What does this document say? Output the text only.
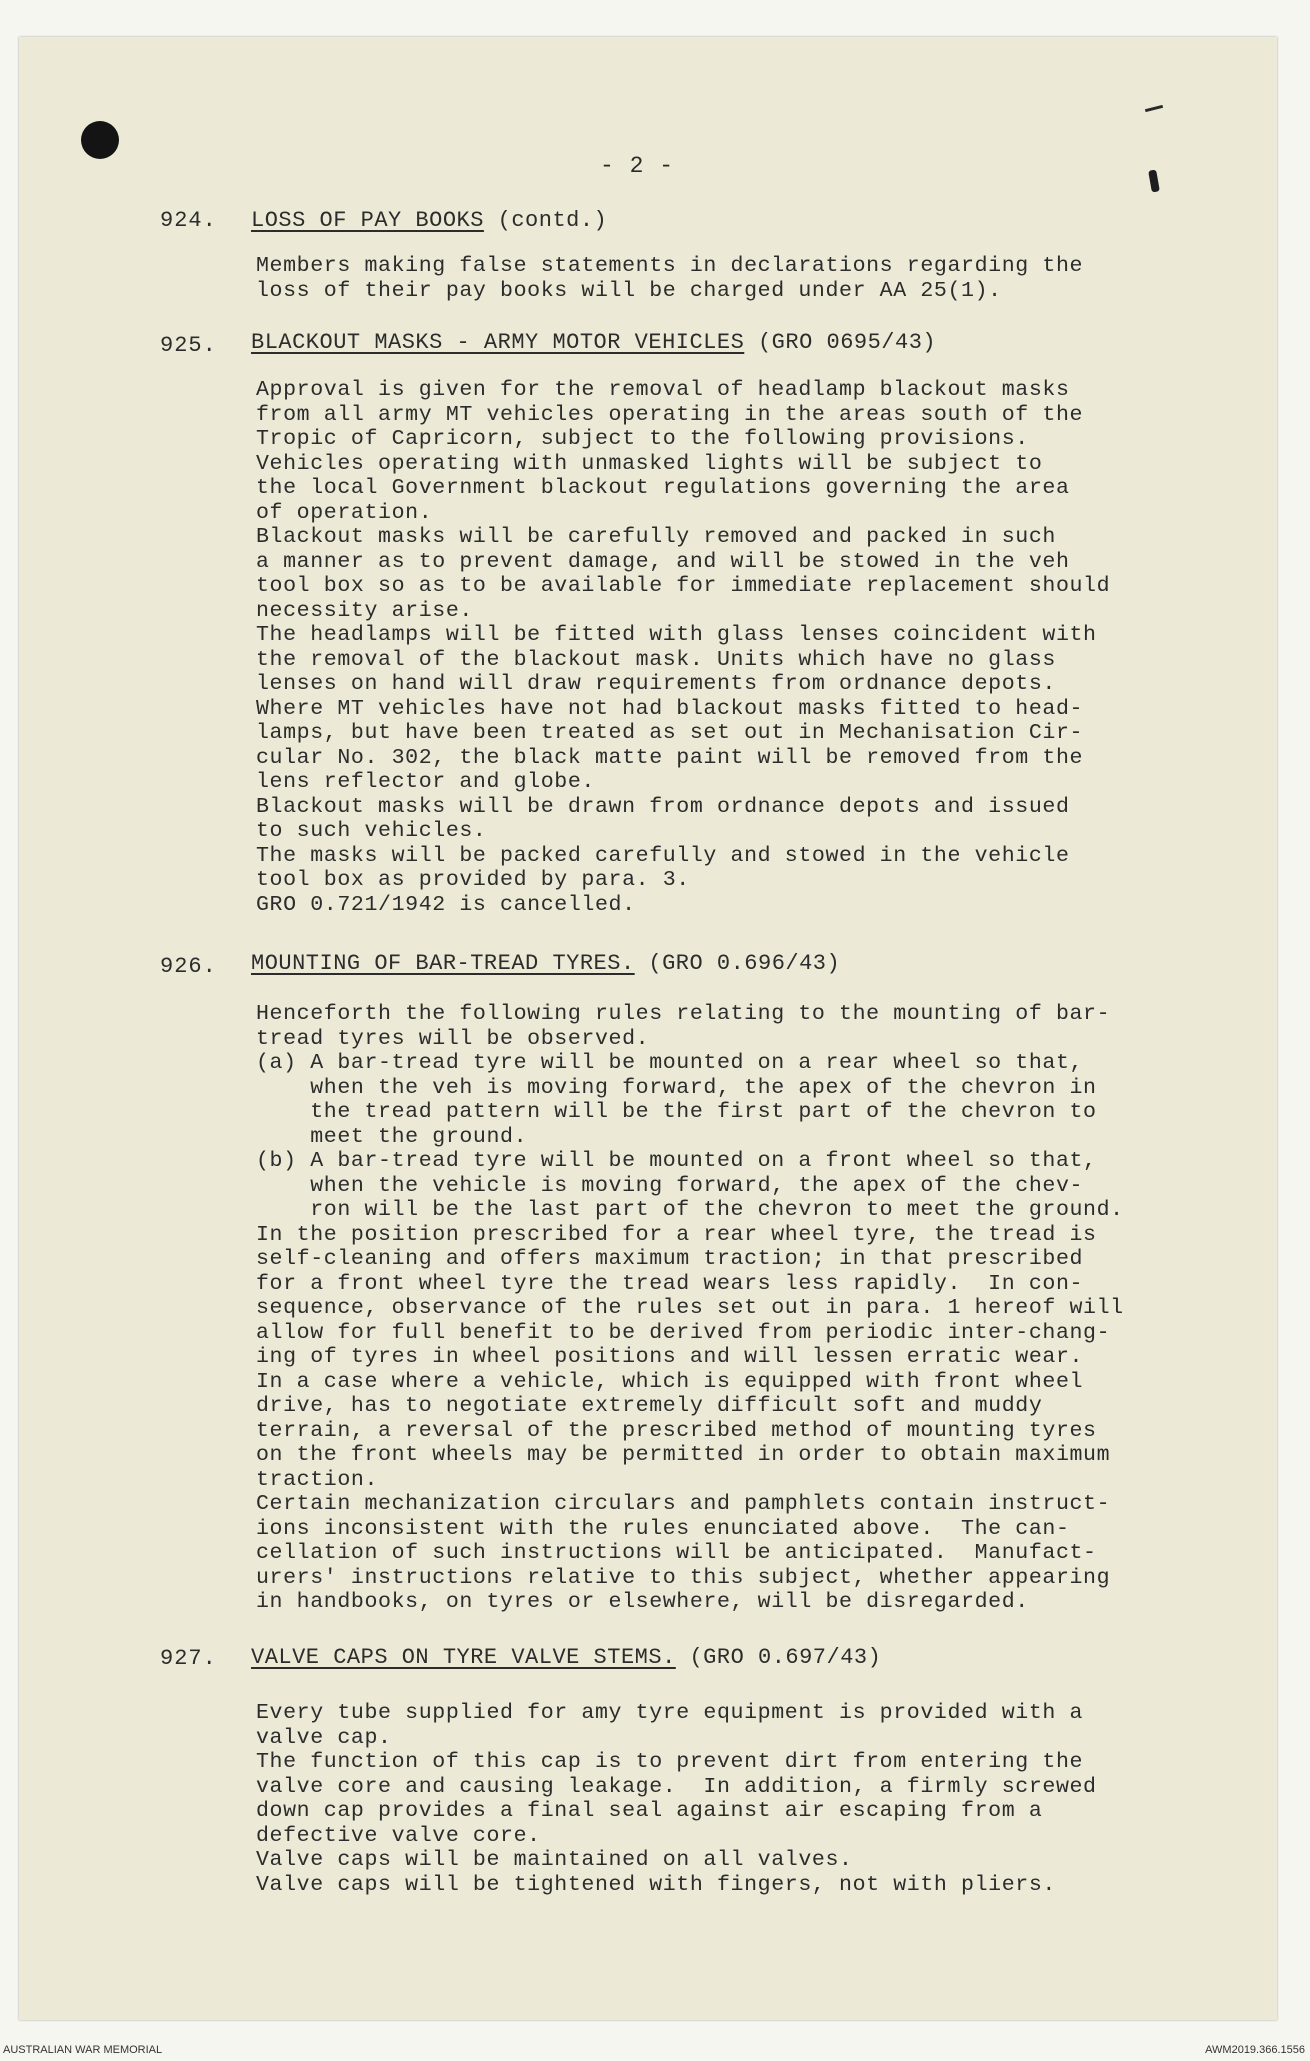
- 2 -
924. LOSS OF PAY BOOKS (contd.)
Members making false statements in declarations regarding the
loss of their pay books will be charged under AA 25(1).
925. BLACKOUT MASKS - ARMY MOTOR VEHICLES (GRO 0695/43)
Approval is given for the removal of headlamp blackout masks
from all army MT vehicles operating in the areas south of the
Tropic of Capricorn, subject to the following provisions.
Vehicles operating with unmasked lights will be subject to
the local Government blackout regulations governing the area
of operation.
Blackout masks will be carefully removed and packed in such
a manner as to prevent damage, and will be stowed in the veh
tool box so as to be available for immediate replacement should
necessity arise.
The headlamps will be fitted with glass lenses coincident with
the removal of the blackout mask. Units which have no glass
lenses on hand will draw requirements from ordnance depots.
Where MT vehicles have not had blackout masks fitted to head-
lamps, but have been treated as set out in Mechanisation Cir-
cular No. 302, the black matte paint will be removed from the
lens reflector and globe.
Blackout masks will be drawn from ordnance depots and issued
to such vehicles.
The masks will be packed carefully and stowed in the vehicle
tool box as provided by para. 3.
GRO 0.721/1942 is cancelled.
926. MOUNTING OF BAR-TREAD TYRES. (GRO 0.696/43)
Henceforth the following rules relating to the mounting of bar-
tread tyres will be observed.
(a) A bar-tread tyre will be mounted on a rear wheel so that,
when the veh is moving forward, the apex of the chevron in
the tread pattern will be the first part of the chevron to
meet the ground.
(b) A bar-tread tyre will be mounted on a front wheel so that,
when the vehicle is moving forward, the apex of the chev-
ron will be the last part of the chevron to meet the ground.
In the position prescribed for a rear wheel tyre, the tread is
self-cleaning and offers maximum traction; in that prescribed
for a front wheel tyre the tread wears less rapidly.  In con-
sequence, observance of the rules set out in para. 1 hereof will
allow for full benefit to be derived from periodic inter-chang-
ing of tyres in wheel positions and will lessen erratic wear.
In a case where a vehicle, which is equipped with front wheel
drive, has to negotiate extremely difficult soft and muddy
terrain, a reversal of the prescribed method of mounting tyres
on the front wheels may be permitted in order to obtain maximum
traction.
Certain mechanization circulars and pamphlets contain instruct-
ions inconsistent with the rules enunciated above.  The can-
cellation of such instructions will be anticipated.  Manufact-
urers' instructions relative to this subject, whether appearing
in handbooks, on tyres or elsewhere, will be disregarded.
927. VALVE CAPS ON TYRE VALVE STEMS. (GRO 0.697/43)
Every tube supplied for amy tyre equipment is provided with a
valve cap.
The function of this cap is to prevent dirt from entering the
valve core and causing leakage.  In addition, a firmly screwed
down cap provides a final seal against air escaping from a
defective valve core.
Valve caps will be maintained on all valves.
Valve caps will be tightened with fingers, not with pliers.
AUSTRALIAN WAR MEMORIAL	AWM2019.366.1556
